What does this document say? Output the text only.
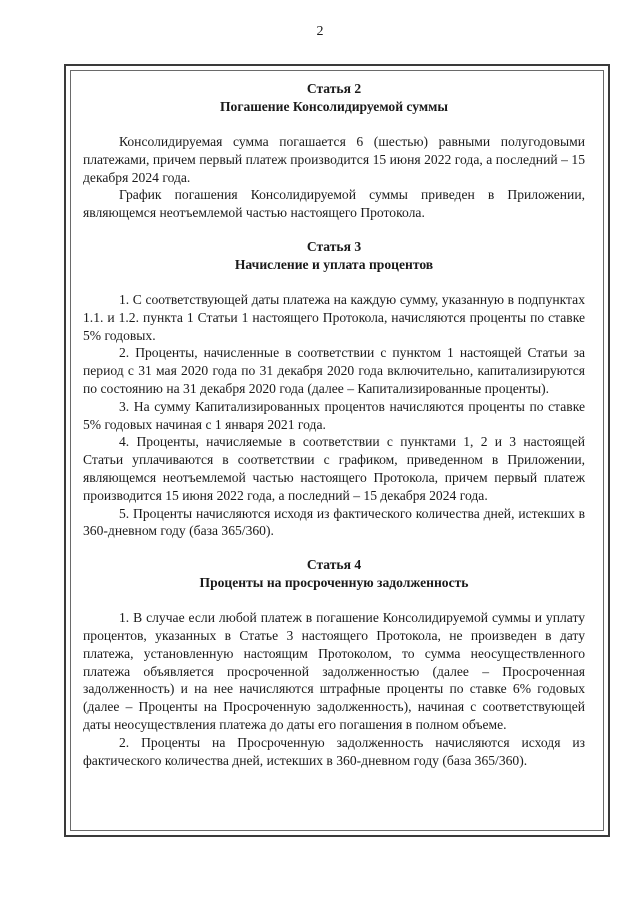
2

Статья 2

Погашение Консолидируемой суммы

Консолидируемая сумма погашается 6 (шестью) равными полугодовыми платежами, причем первый платеж производится 15 июня 2022 года, а последний – 15 декабря 2024 года.

График погашения Консолидируемой суммы приведен в Приложении, являющемся неотъемлемой частью настоящего Протокола.

Статья 3

Начисление и уплата процентов

1. С соответствующей даты платежа на каждую сумму, указанную в подпунктах 1.1. и 1.2. пункта 1 Статьи 1 настоящего Протокола, начисляются проценты по ставке 5% годовых.

2. Проценты, начисленные в соответствии с пунктом 1 настоящей Статьи за период с 31 мая 2020 года по 31 декабря 2020 года включительно, капитализируются по состоянию на 31 декабря 2020 года (далее – Капитализированные проценты).

3. На сумму Капитализированных процентов начисляются проценты по ставке 5% годовых начиная с 1 января 2021 года.

4. Проценты, начисляемые в соответствии с пунктами 1, 2 и 3 настоящей Статьи уплачиваются в соответствии с графиком, приведенном в Приложении, являющемся неотъемлемой частью настоящего Протокола, причем первый платеж производится 15 июня 2022 года, а последний – 15 декабря 2024 года.

5. Проценты начисляются исходя из фактического количества дней, истекших в 360-дневном году (база 365/360).

Статья 4

Проценты на просроченную задолженность

1. В случае если любой платеж в погашение Консолидируемой суммы и уплату процентов, указанных в Статье 3 настоящего Протокола, не произведен в дату платежа, установленную настоящим Протоколом, то сумма неосуществленного платежа объявляется просроченной задолженностью (далее – Просроченная задолженность) и на нее начисляются штрафные проценты по ставке 6% годовых (далее – Проценты на Просроченную задолженность), начиная с соответствующей даты неосуществления платежа до даты его погашения в полном объеме.

2. Проценты на Просроченную задолженность начисляются исходя из фактического количества дней, истекших в 360-дневном году (база 365/360).
